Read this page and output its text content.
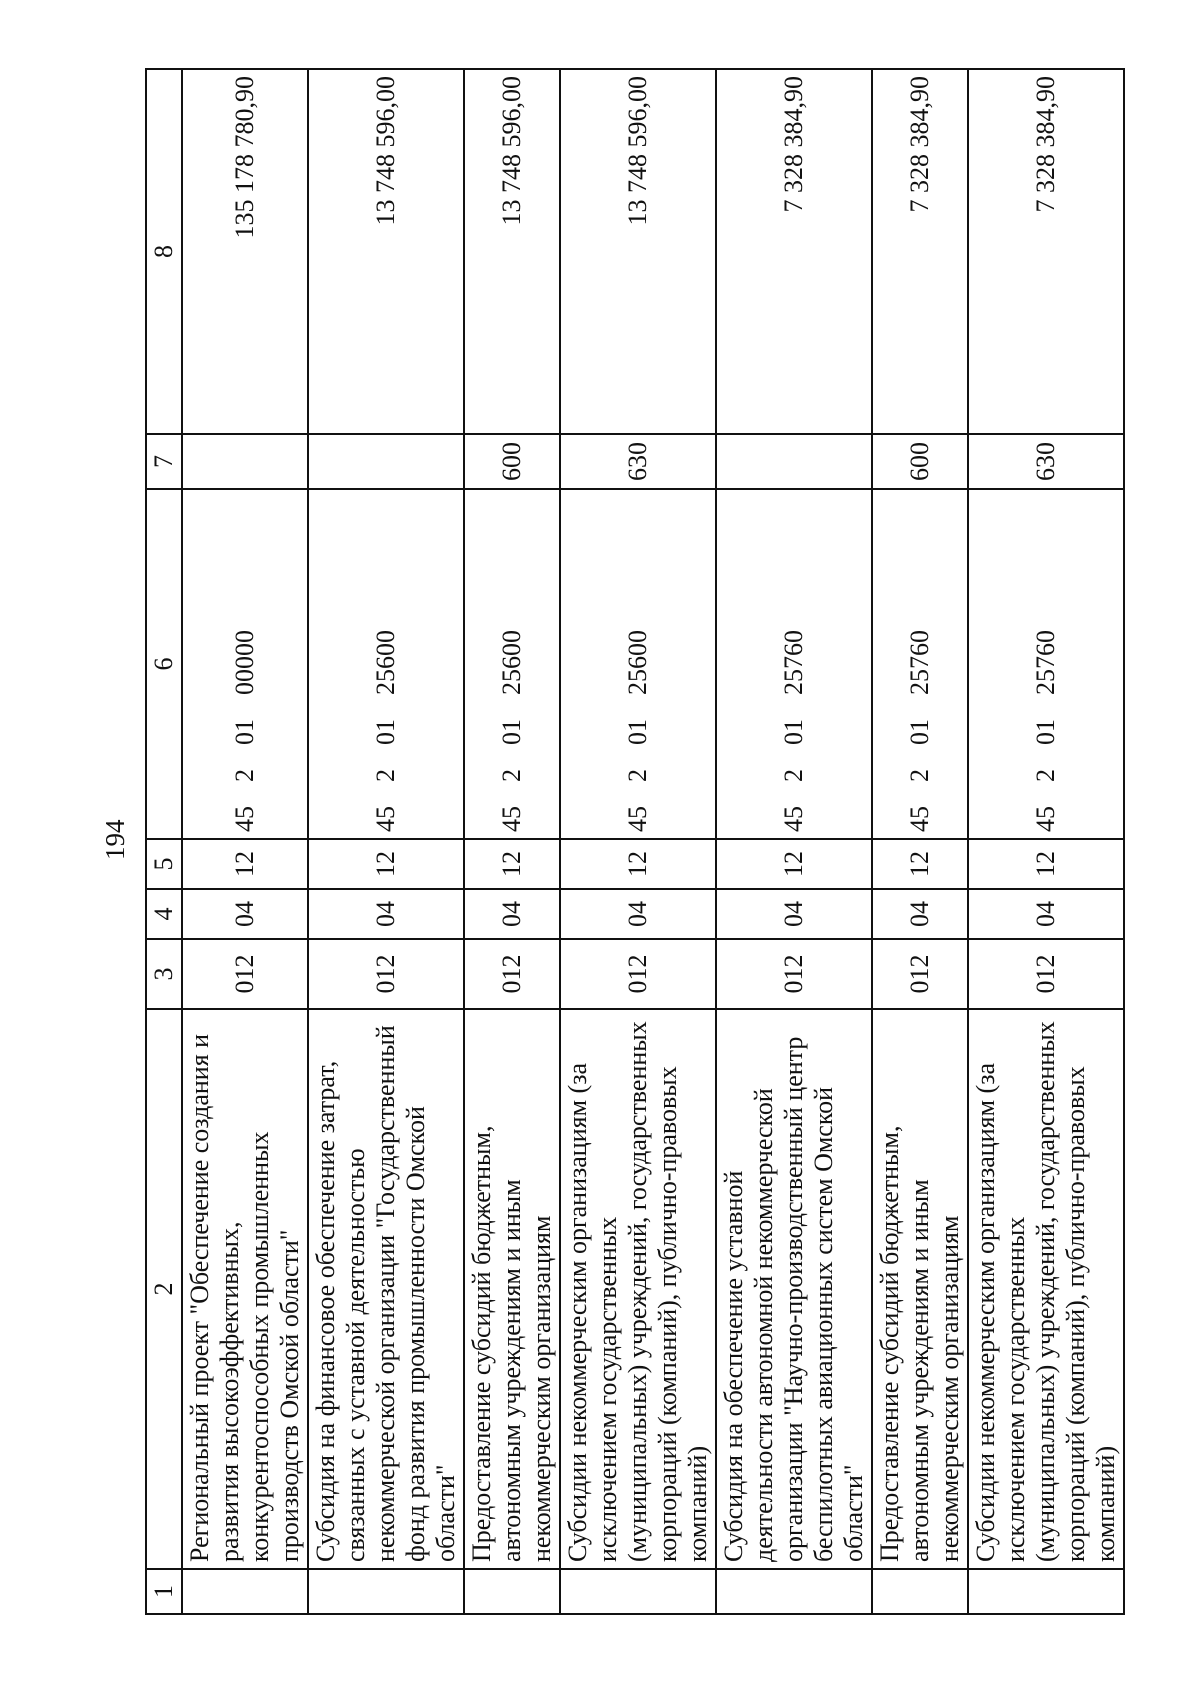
194
1	2	3	4	5	6	7	8
	Региональный проект "Обеспечение создания и развития высокоэффективных, конкурентоспособных промышленных производств Омской области"	012	04	12	4520100000		135 178 780,90
	Субсидия на финансовое обеспечение затрат, связанных с уставной деятельностью некоммерческой организации "Государственный фонд развития промышленности Омской области"	012	04	12	4520125600		13 748 596,00
	Предоставление субсидий бюджетным, автономным учреждениям и иным некоммерческим организациям	012	04	12	4520125600	600	13 748 596,00
	Субсидии некоммерческим организациям (за исключением государственных (муниципальных) учреждений, государственных корпораций (компаний), публично-правовых компаний)	012	04	12	4520125600	630	13 748 596,00
	Субсидия на обеспечение уставной деятельности автономной некоммерческой организации "Научно-производственный центр беспилотных авиационных систем Омской области"	012	04	12	4520125760		7 328 384,90
	Предоставление субсидий бюджетным, автономным учреждениям и иным некоммерческим организациям	012	04	12	4520125760	600	7 328 384,90
	Субсидии некоммерческим организациям (за исключением государственных (муниципальных) учреждений, государственных корпораций (компаний), публично-правовых компаний)	012	04	12	4520125760	630	7 328 384,90
